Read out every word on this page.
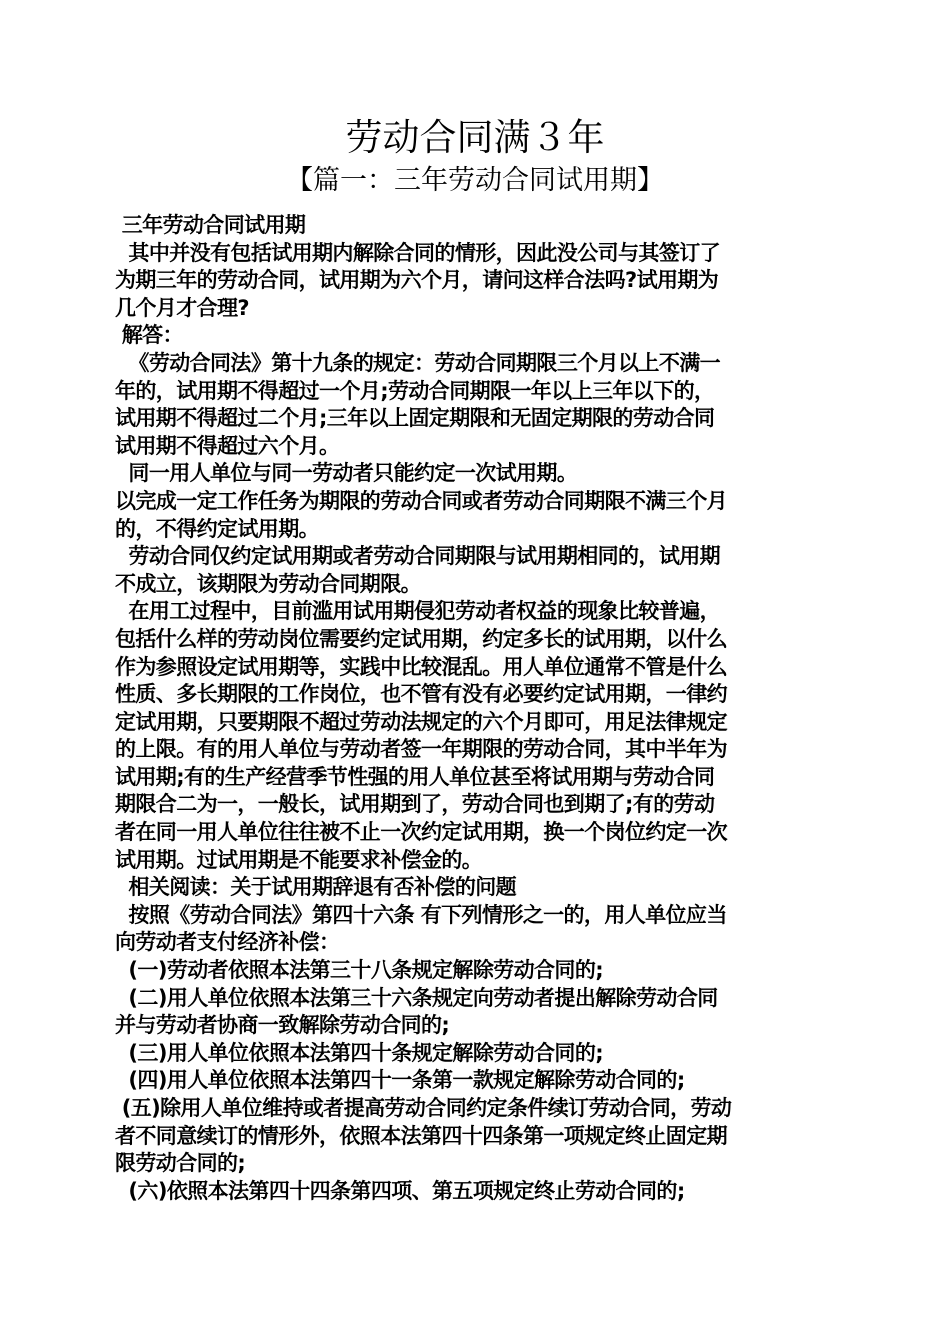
劳动合同满３年
【篇一：三年劳动合同试用期】
三年劳动合同试用期
其中并没有包括试用期内解除合同的情形，因此没公司与其签订了
为期三年的劳动合同，试用期为六个月，请问这样合法吗?试用期为
几个月才合理?
解答：
《劳动合同法》第十九条的规定：劳动合同期限三个月以上不满一
年的，试用期不得超过一个月;劳动合同期限一年以上三年以下的，
试用期不得超过二个月;三年以上固定期限和无固定期限的劳动合同
试用期不得超过六个月。
同一用人单位与同一劳动者只能约定一次试用期。
以完成一定工作任务为期限的劳动合同或者劳动合同期限不满三个月
的，不得约定试用期。
劳动合同仅约定试用期或者劳动合同期限与试用期相同的，试用期
不成立，该期限为劳动合同期限。
在用工过程中，目前滥用试用期侵犯劳动者权益的现象比较普遍，
包括什么样的劳动岗位需要约定试用期，约定多长的试用期，以什么
作为参照设定试用期等，实践中比较混乱。用人单位通常不管是什么
性质、多长期限的工作岗位，也不管有没有必要约定试用期，一律约
定试用期，只要期限不超过劳动法规定的六个月即可，用足法律规定
的上限。有的用人单位与劳动者签一年期限的劳动合同，其中半年为
试用期;有的生产经营季节性强的用人单位甚至将试用期与劳动合同
期限合二为一，一般长，试用期到了，劳动合同也到期了;有的劳动
者在同一用人单位往往被不止一次约定试用期，换一个岗位约定一次
试用期。过试用期是不能要求补偿金的。
相关阅读：关于试用期辞退有否补偿的问题
按照《劳动合同法》第四十六条 有下列情形之一的，用人单位应当
向劳动者支付经济补偿：
(一)劳动者依照本法第三十八条规定解除劳动合同的;
(二)用人单位依照本法第三十六条规定向劳动者提出解除劳动合同
并与劳动者协商一致解除劳动合同的;
(三)用人单位依照本法第四十条规定解除劳动合同的;
(四)用人单位依照本法第四十一条第一款规定解除劳动合同的;
(五)除用人单位维持或者提高劳动合同约定条件续订劳动合同，劳动
者不同意续订的情形外，依照本法第四十四条第一项规定终止固定期
限劳动合同的;
(六)依照本法第四十四条第四项、第五项规定终止劳动合同的;
